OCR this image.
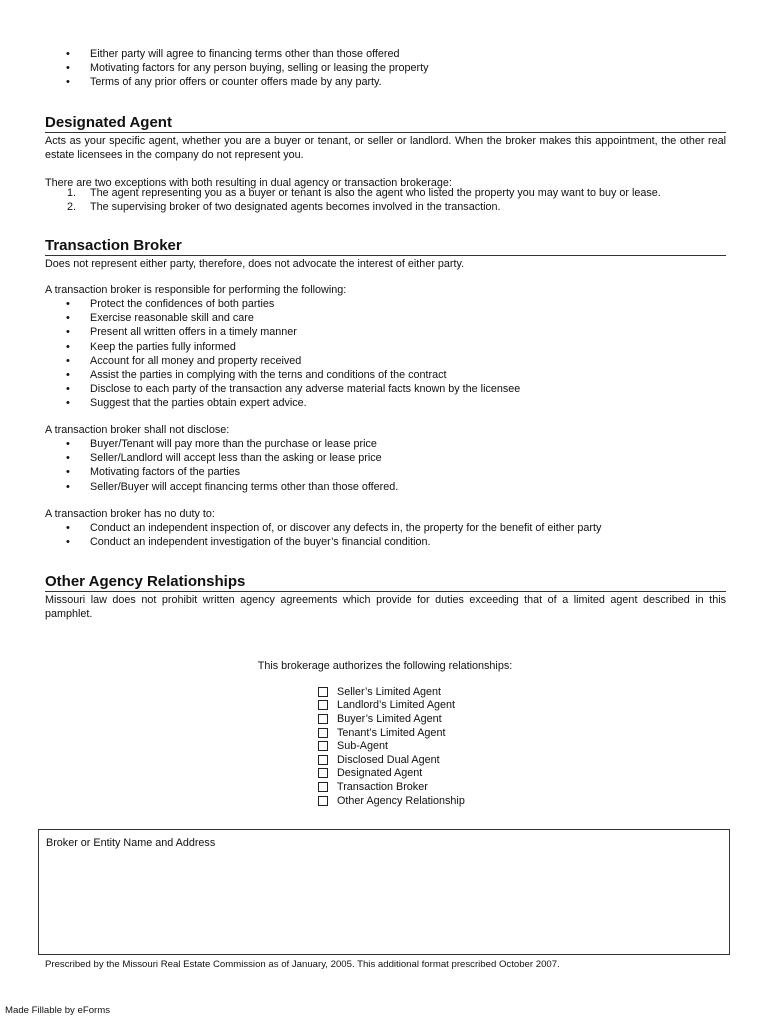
• Either party will agree to financing terms other than those offered
• Motivating factors for any person buying, selling or leasing the property
• Terms of any prior offers or counter offers made by any party.
Designated Agent

Acts as your specific agent, whether you are a buyer or tenant, or seller or landlord. When the broker makes this appointment, the other real estate licensees in the company do not represent you.

There are two exceptions with both resulting in dual agency or transaction brokerage:

1. The agent representing you as a buyer or tenant is also the agent who listed the property you may want to buy or lease.
2. The supervising broker of two designated agents becomes involved in the transaction.
Transaction Broker

Does not represent either party, therefore, does not advocate the interest of either party.

A transaction broker is responsible for performing the following:
• Protect the confidences of both parties
• Exercise reasonable skill and care
• Present all written offers in a timely manner
• Keep the parties fully informed
• Account for all money and property received
• Assist the parties in complying with the terns and conditions of the contract
• Disclose to each party of the transaction any adverse material facts known by the licensee
• Suggest that the parties obtain expert advice.
A transaction broker shall not disclose:
• Buyer/Tenant will pay more than the purchase or lease price
• Seller/Landlord will accept less than the asking or lease price
• Motivating factors of the parties
• Seller/Buyer will accept financing terms other than those offered.
A transaction broker has no duty to:
• Conduct an independent inspection of, or discover any defects in, the property for the benefit of either party
• Conduct an independent investigation of the buyer’s financial condition.
Other Agency Relationships

Missouri law does not prohibit written agency agreements which provide for duties exceeding that of a limited agent described in this pamphlet.

This brokerage authorizes the following relationships:
Seller’s Limited Agent
Landlord’s Limited Agent
Buyer’s Limited Agent
Tenant’s Limited Agent
Sub-Agent
Disclosed Dual Agent
Designated Agent
Transaction Broker
Other Agency Relationship
Broker or Entity Name and Address
Prescribed by the Missouri Real Estate Commission as of January, 2005. This additional format prescribed October 2007.
Made Fillable by eForms
